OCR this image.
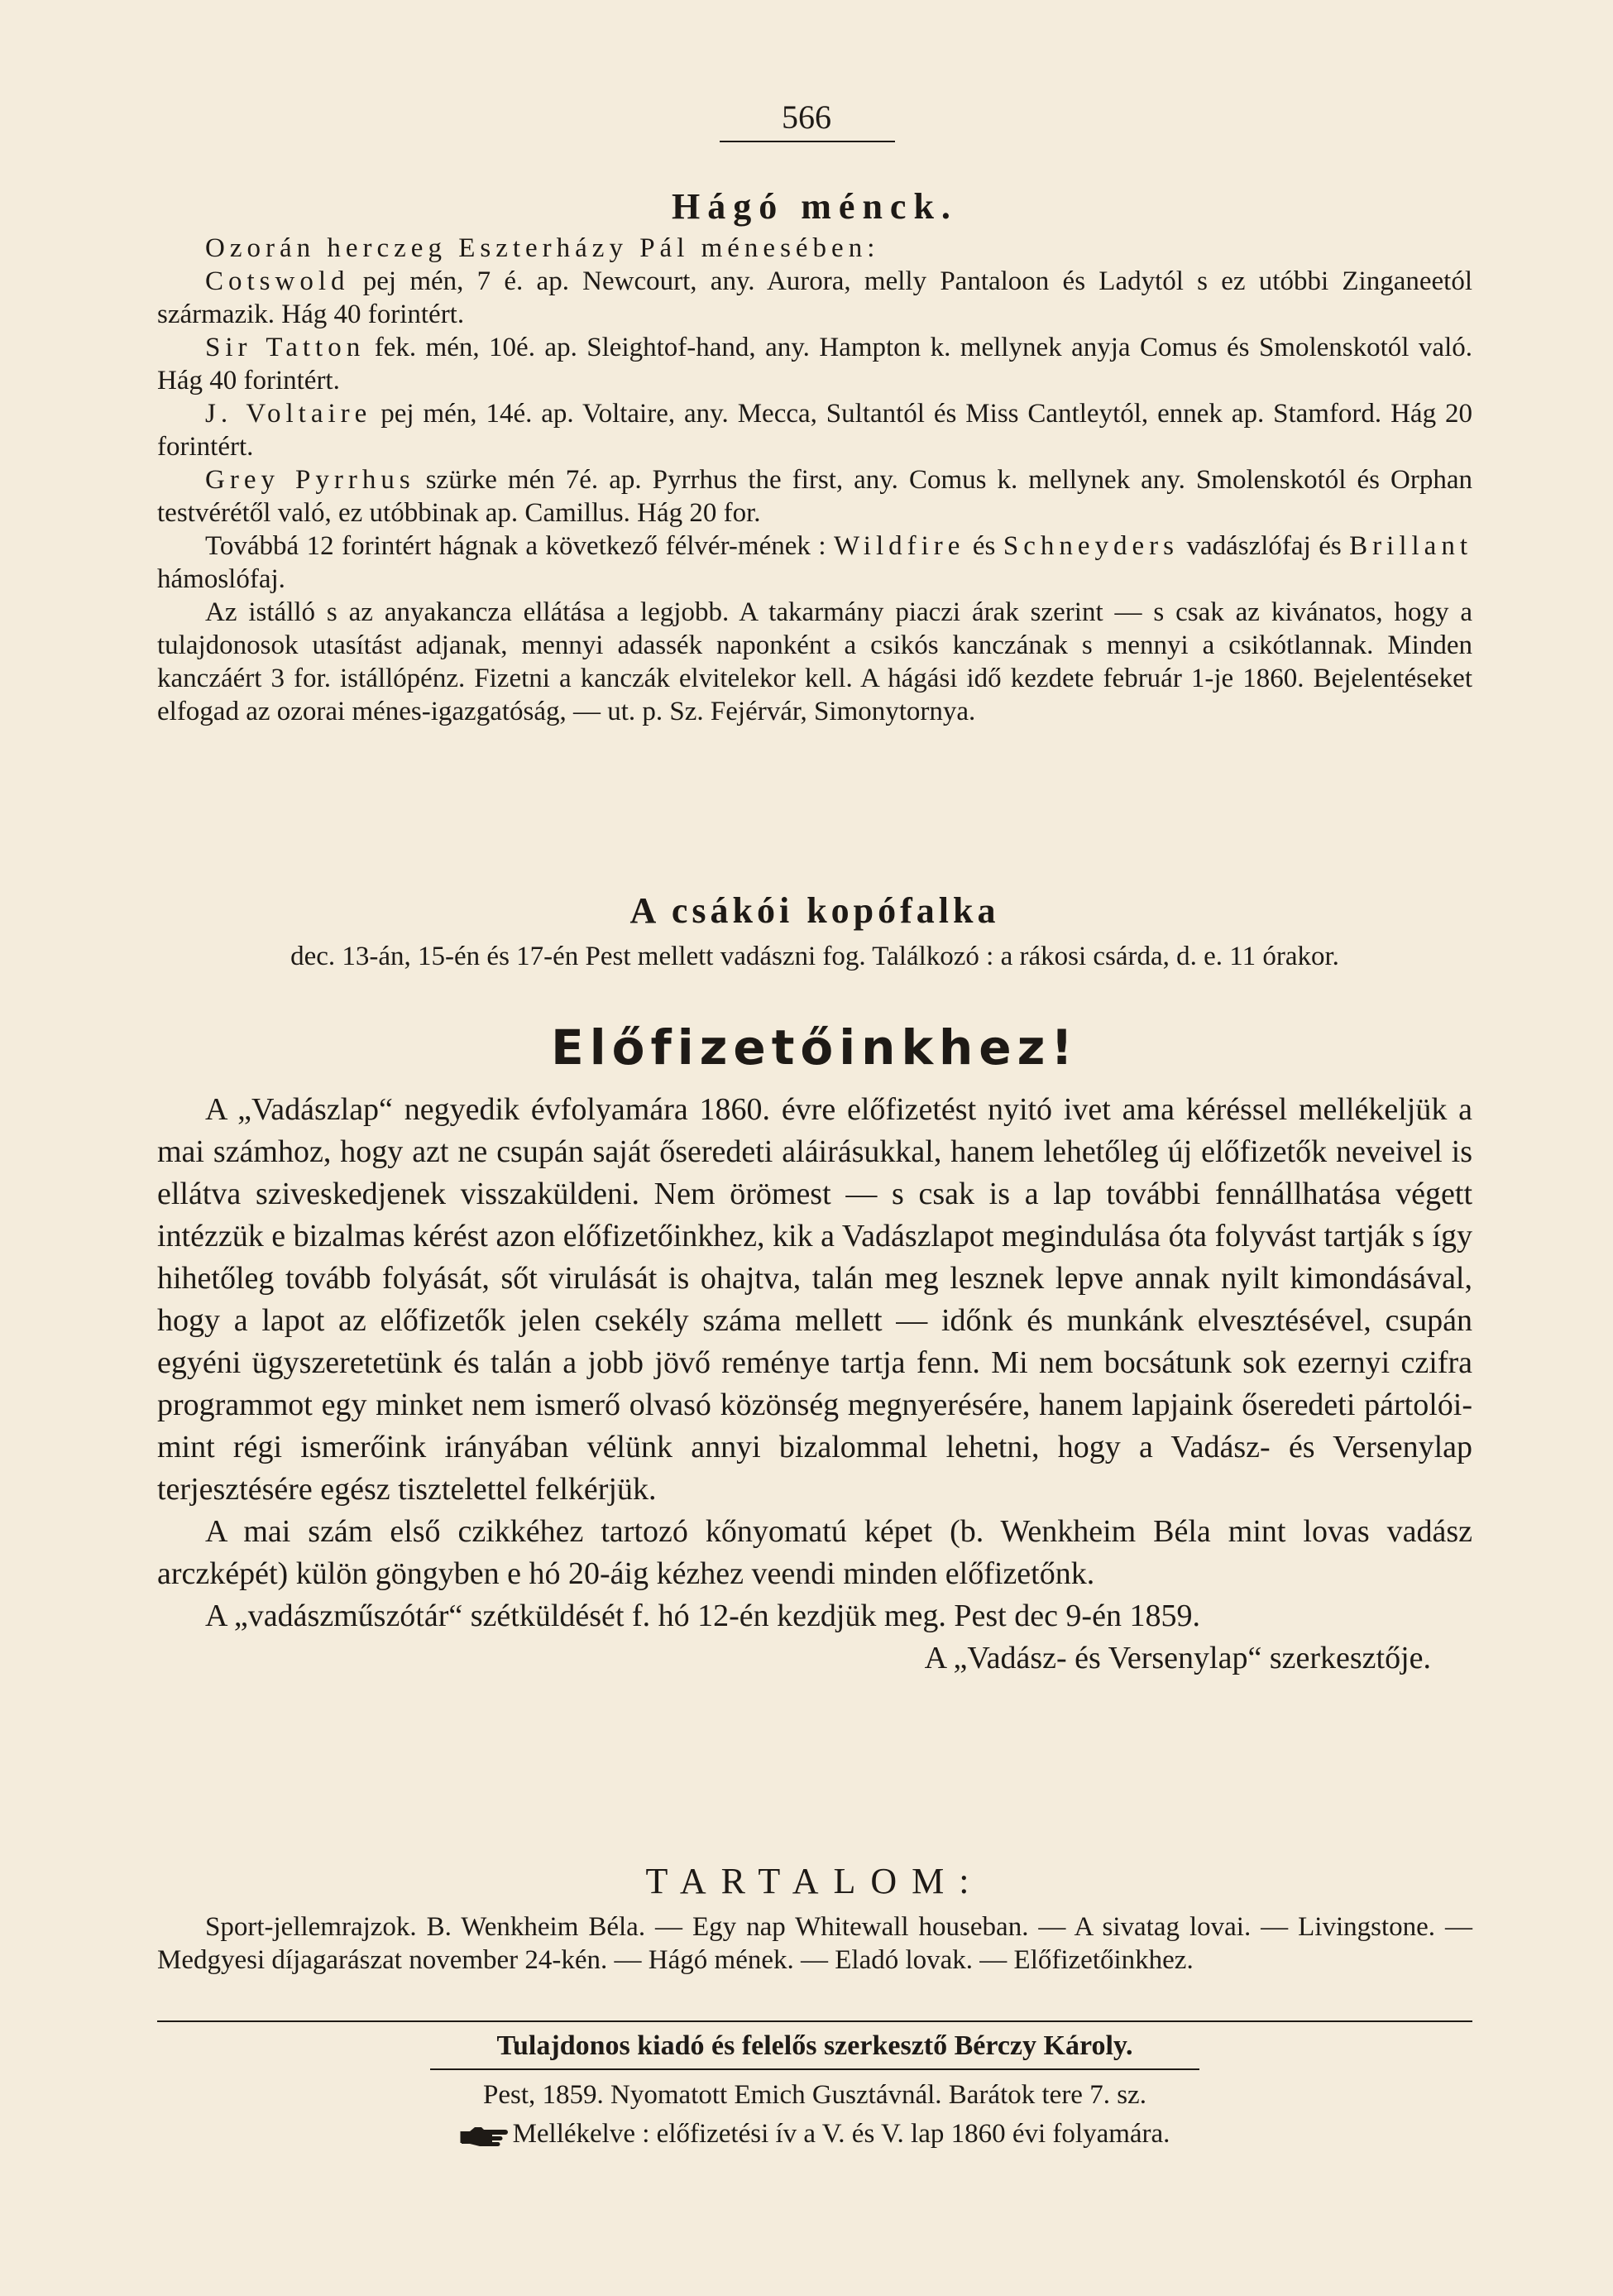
566
Hágó ménck.

Ozorán herczeg Eszterházy Pál ménesében:

Cotswold pej mén, 7 é. ap. Newcourt, any. Aurora, melly Pantaloon és Ladytól s ez utóbbi Zinganeetól származik. Hág 40 forintért.

Sir Tatton fek. mén, 10é. ap. Sleightof-hand, any. Hampton k. mellynek anyja Comus és Smolenskotól való. Hág 40 forintért.

J. Voltaire pej mén, 14é. ap. Voltaire, any. Mecca, Sultantól és Miss Cantleytól, ennek ap. Stamford. Hág 20 forintért.

Grey Pyrrhus szürke mén 7é. ap. Pyrrhus the first, any. Comus k. mellynek any. Smolenskotól és Orphan testvérétől való, ez utóbbinak ap. Camillus. Hág 20 for.

Továbbá 12 forintért hágnak a következő félvér-mének : Wildfire és Schneyders vadászlófaj és Brillant hámoslófaj.

Az istálló s az anyakancza ellátása a legjobb. A takarmány piaczi árak szerint — s csak az kivánatos, hogy a tulajdonosok utasítást adjanak, mennyi adassék naponként a csikós kanczának s mennyi a csikótlannak. Minden kanczáért 3 for. istállópénz. Fizetni a kanczák elvitelekor kell. A hágási idő kezdete február 1-je 1860. Bejelentéseket elfogad az ozorai ménes-igazgatóság, — ut. p. Sz. Fejérvár, Simonytornya.

A csákói kopófalka

dec. 13-án, 15-én és 17-én Pest mellett vadászni fog. Találkozó : a rákosi csárda, d. e. 11 órakor.

Előfizetőinkhez!

A „Vadászlap“ negyedik évfolyamára 1860. évre előfizetést nyitó ivet ama kéréssel mellékeljük a mai számhoz, hogy azt ne csupán saját őseredeti aláirásukkal, hanem lehetőleg új előfizetők neveivel is ellátva sziveskedjenek visszaküldeni. Nem örömest — s csak is a lap további fennállhatása végett intézzük e bizalmas kérést azon előfizetőinkhez, kik a Vadászlapot megindulása óta folyvást tartják s így hihetőleg tovább folyását, sőt virulását is ohajtva, talán meg lesznek lepve annak nyilt kimondásával, hogy a lapot az előfizetők jelen csekély száma mellett — időnk és munkánk elvesztésével, csupán egyéni ügyszeretetünk és talán a jobb jövő reménye tartja fenn. Mi nem bocsátunk sok ezernyi czifra programmot egy minket nem ismerő olvasó közönség megnyerésére, hanem lapjaink őseredeti pártolói- mint régi ismerőink irányában vélünk annyi bizalommal lehetni, hogy a Vadász- és Versenylap terjesztésére egész tisztelettel felkérjük.

A mai szám első czikkéhez tartozó kőnyomatú képet (b. Wenkheim Béla mint lovas vadász arczképét) külön göngyben e hó 20-áig kézhez veendi minden előfizetőnk.

A „vadászműszótár“ szétküldését f. hó 12-én kezdjük meg. Pest dec 9-én 1859.

A „Vadász- és Versenylap“ szerkesztője.

TARTALOM:

Sport-jellemrajzok. B. Wenkheim Béla. — Egy nap Whitewall houseban. — A sivatag lovai. — Livingstone. — Medgyesi díjagarászat november 24-kén. — Hágó mének. — Eladó lovak. — Előfizetőinkhez.

Tulajdonos kiadó és felelős szerkesztő Bérczy Károly.
Pest, 1859. Nyomatott Emich Gusztávnál. Barátok tere 7. sz.
Mellékelve : előfizetési ív a V. és V. lap 1860 évi folyamára.
